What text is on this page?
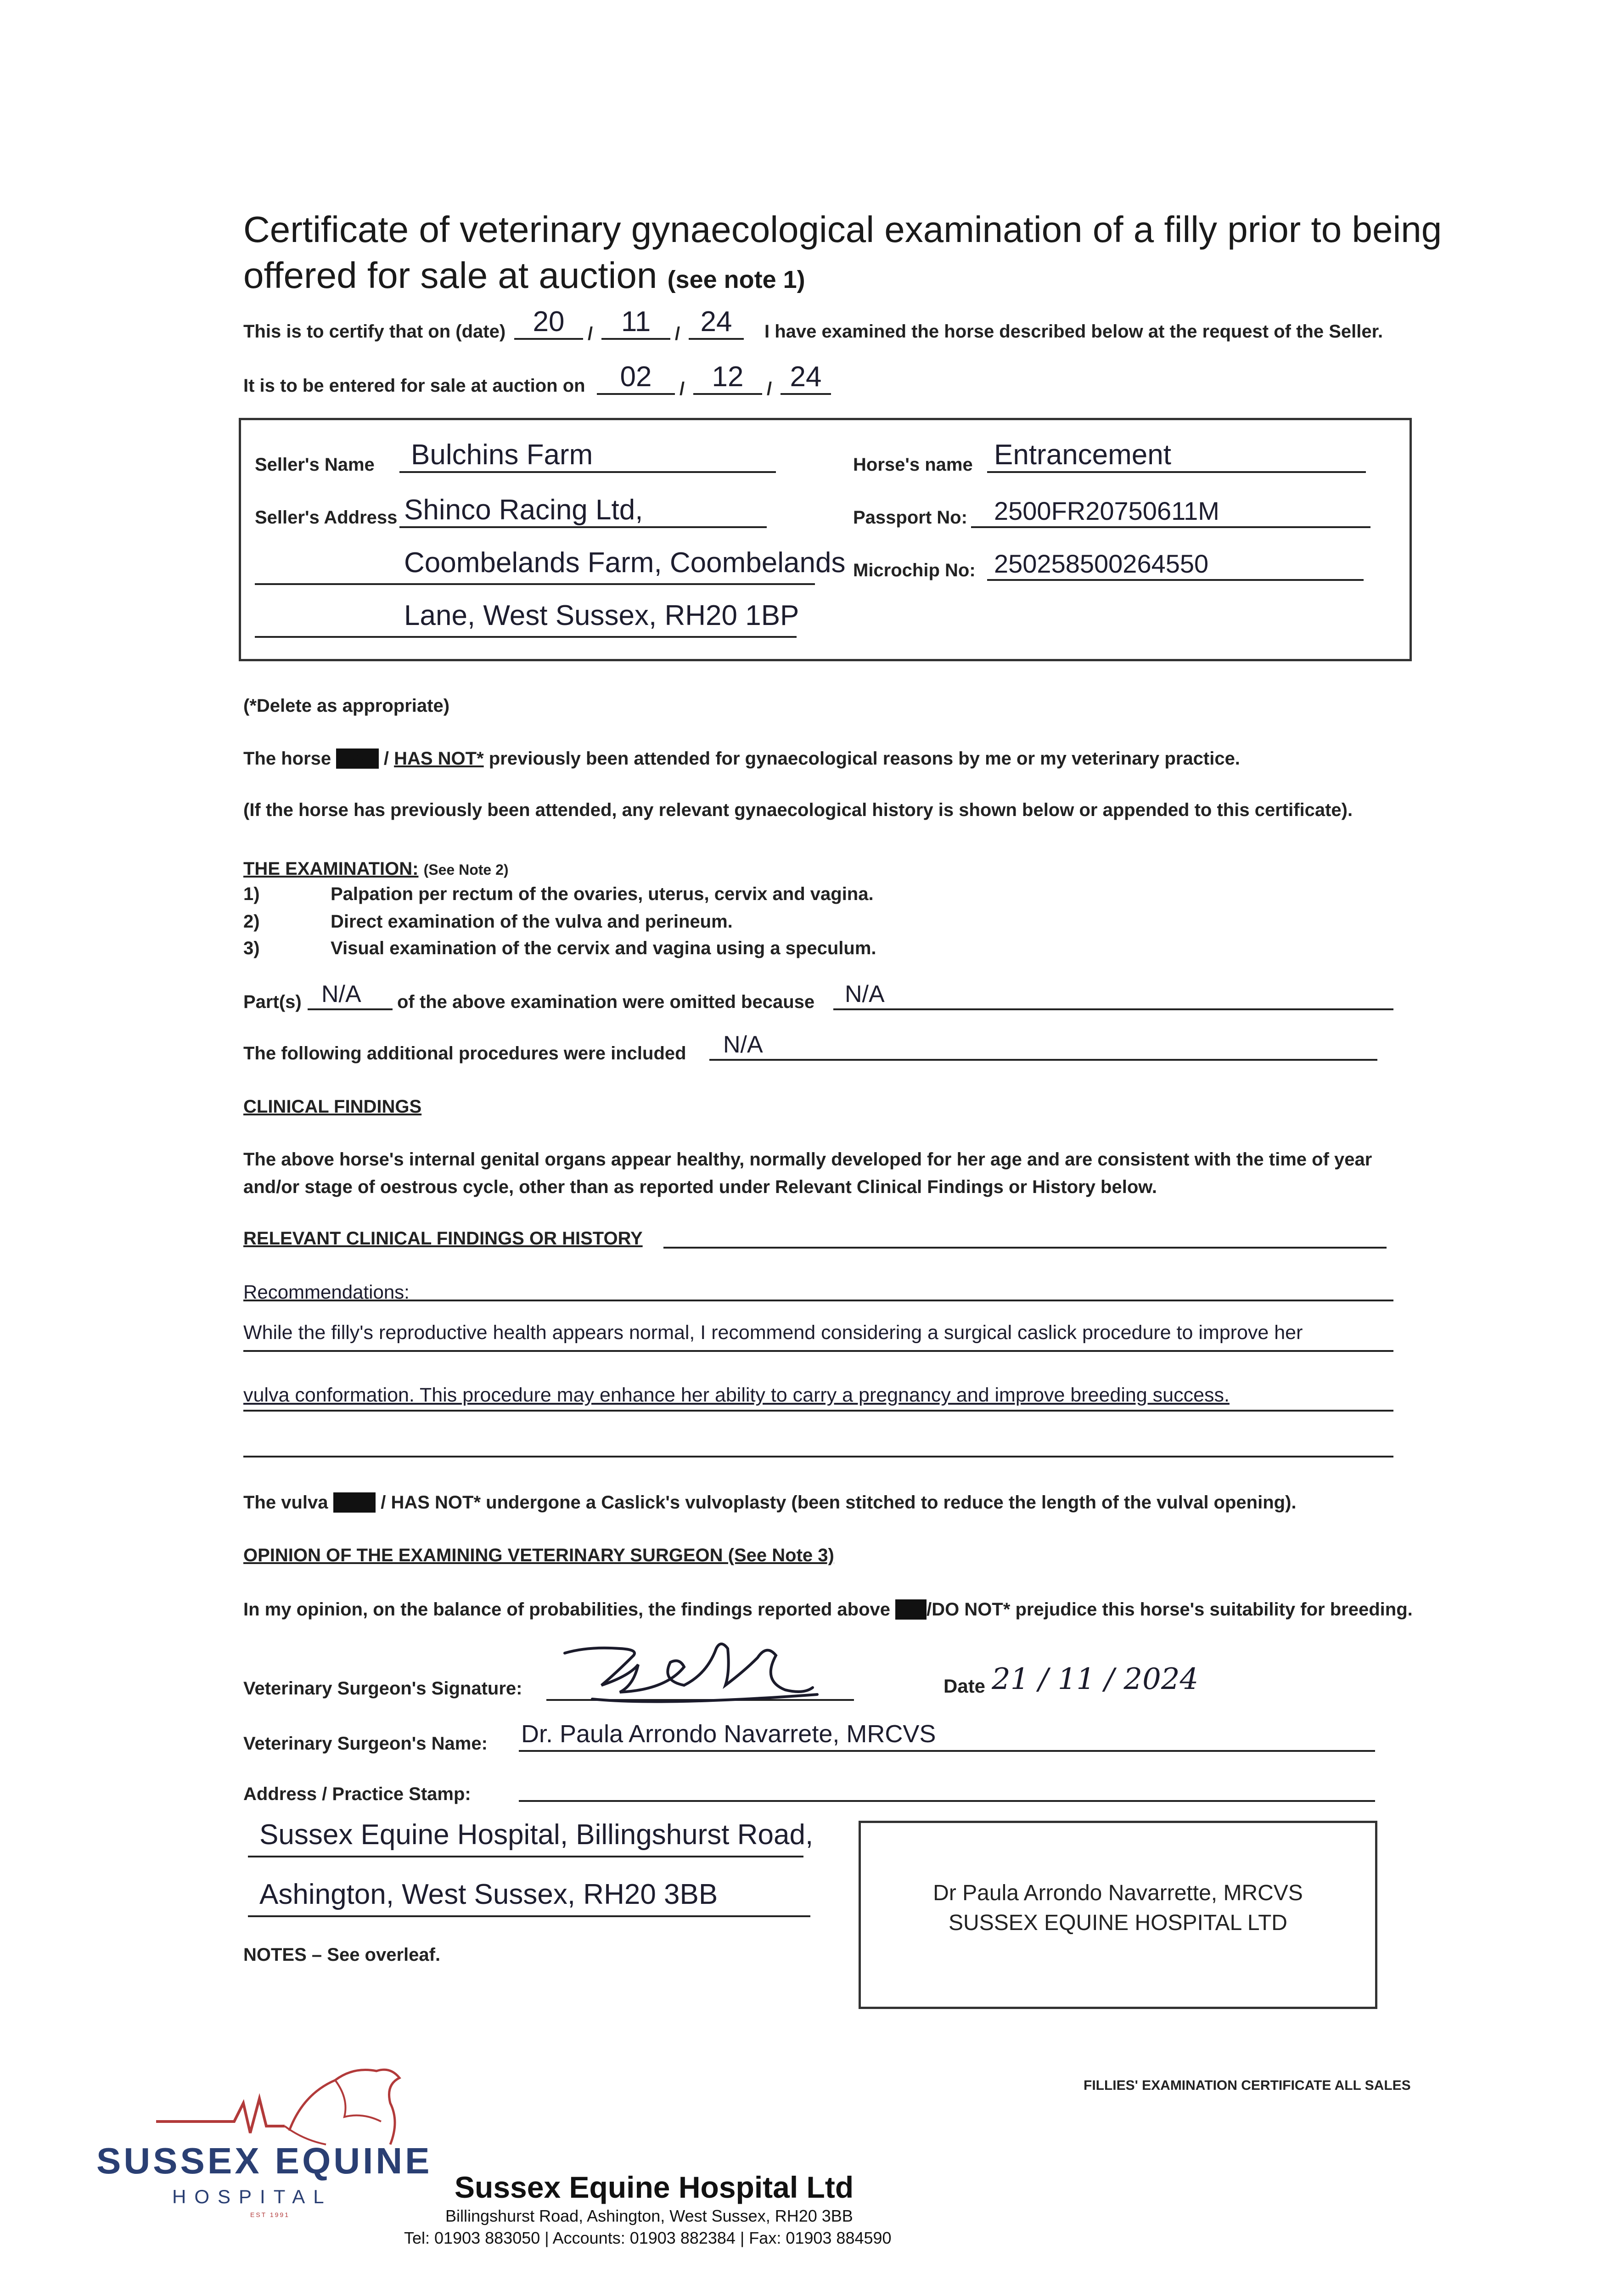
Certificate of veterinary gynaecological examination of a filly prior to being offered for sale at auction (see note 1)
This is to certify that on (date) 20	/ 11	/ 24	I have examined the horse described below at the request of the Seller.
It is to be entered for sale at auction on	02	/ 12	/ 24
Seller's Name	Bulchins Farm
Seller's Address Shinco Racing Ltd,
Coombelands Farm, Coombelands
Lane, West Sussex, RH20 1BP
Horse's name Entrancement
Passport No:	2500FR20750611M
Microchip No: 250258500264550
(*Delete as appropriate)
The horse HAS / HAS NOT* previously been attended for gynaecological reasons by me or my veterinary practice.
(If the horse has previously been attended, any relevant gynaecological history is shown below or appended to this certificate).
THE EXAMINATION: (See Note 2)
1)	Palpation per rectum of the ovaries, uterus, cervix and vagina.
2)	Direct examination of the vulva and perineum.
3)	Visual examination of the cervix and vagina using a speculum.
Part(s) N/A	of the above examination were omitted because	N/A
The following additional procedures were included	N/A
CLINICAL FINDINGS
The above horse's internal genital organs appear healthy, normally developed for her age and are consistent with the time of year and/or stage of oestrous cycle, other than as reported under Relevant Clinical Findings or History below.
RELEVANT CLINICAL FINDINGS OR HISTORY
Recommendations:
While the filly's reproductive health appears normal, I recommend considering a surgical caslick procedure to improve her
vulva conformation. This procedure may enhance her ability to carry a pregnancy and improve breeding success.
The vulva HAS / HAS NOT* undergone a Caslick's vulvoplasty (been stitched to reduce the length of the vulval opening).
OPINION OF THE EXAMINING VETERINARY SURGEON (See Note 3)
In my opinion, on the balance of probabilities, the findings reported above DO /DO NOT* prejudice this horse's suitability for breeding.
Veterinary Surgeon's Signature:	Date 21 / 11 / 2024
Veterinary Surgeon's Name: Dr. Paula Arrondo Navarrete, MRCVS
Address / Practice Stamp:
Sussex Equine Hospital, Billingshurst Road,
Ashington, West Sussex, RH20 3BB	Dr Paula Arrondo Navarrette, MRCVS
SUSSEX EQUINE HOSPITAL LTD
NOTES – See overleaf.
FILLIES' EXAMINATION CERTIFICATE ALL SALES
SUSSEX EQUINE
HOSPITAL
EST 1991
Sussex Equine Hospital Ltd
Billingshurst Road, Ashington, West Sussex, RH20 3BB
Tel: 01903 883050 | Accounts: 01903 882384 | Fax: 01903 884590
